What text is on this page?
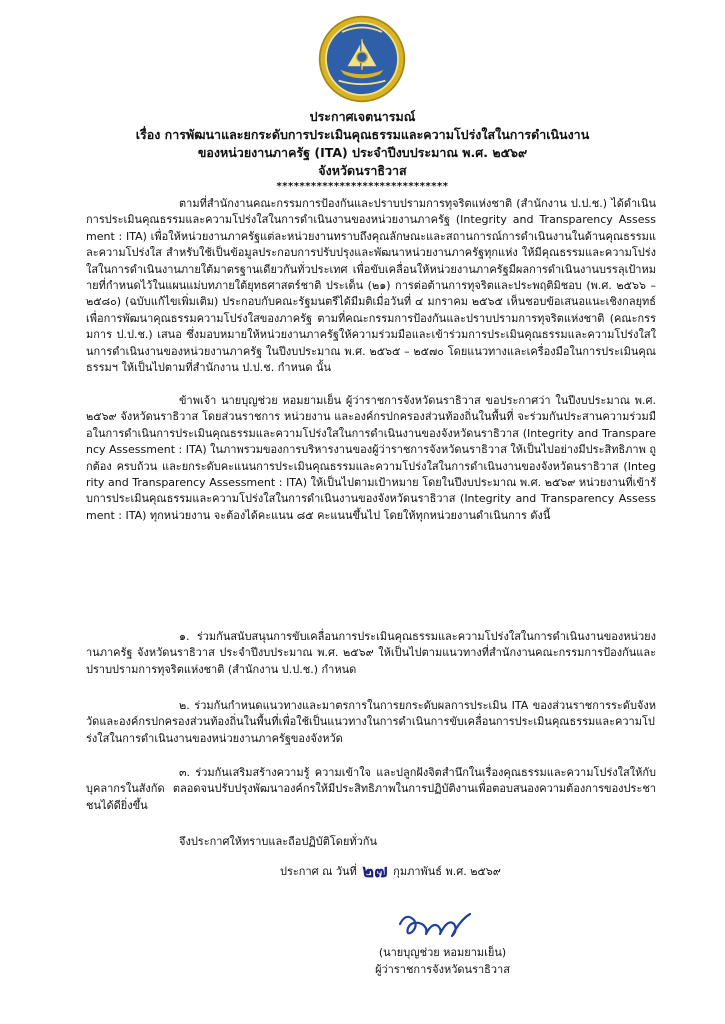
ประกาศเจตนารมณ์
เรื่อง การพัฒนาและยกระดับการประเมินคุณธรรมและความโปร่งใสในการดำเนินงาน
ของหน่วยงานภาครัฐ (ITA) ประจำปีงบประมาณ พ.ศ. ๒๕๖๙
จังหวัดนราธิวาส
******************************
ตามที่สำนักงานคณะกรรมการป้องกันและปราบปรามการทุจริตแห่งชาติ (สำนักงาน ป.ป.ช.) ได้ดำเนินการประเมินคุณธรรมและความโปร่งใสในการดำเนินงานของหน่วยงานภาครัฐ (Integrity and Transparency Assessment : ITA) เพื่อให้หน่วยงานภาครัฐแต่ละหน่วยงานทราบถึงคุณลักษณะและสถานการณ์การดำเนินงานในด้านคุณธรรมและความโปร่งใส สำหรับใช้เป็นข้อมูลประกอบการปรับปรุงและพัฒนาหน่วยงานภาครัฐทุกแห่ง ให้มีคุณธรรมและความโปร่งใสในการดำเนินงานภายใต้มาตรฐานเดียวกันทั่วประเทศ เพื่อขับเคลื่อนให้หน่วยงานภาครัฐมีผลการดำเนินงานบรรลุเป้าหมายที่กำหนดไว้ในแผนแม่บทภายใต้ยุทธศาสตร์ชาติ ประเด็น (๒๑) การต่อต้านการทุจริตและประพฤติมิชอบ (พ.ศ. ๒๕๖๖ – ๒๕๘๐) (ฉบับแก้ไขเพิ่มเติม) ประกอบกับคณะรัฐมนตรีได้มีมติเมื่อวันที่ ๔ มกราคม ๒๕๖๕ เห็นชอบข้อเสนอแนะเชิงกลยุทธ์เพื่อการพัฒนาคุณธรรมความโปร่งใสของภาครัฐ ตามที่คณะกรรมการป้องกันและปราบปรามการทุจริตแห่งชาติ (คณะกรรมการ ป.ป.ช.) เสนอ ซึ่งมอบหมายให้หน่วยงานภาครัฐให้ความร่วมมือและเข้าร่วมการประเมินคุณธรรมและความโปร่งใสในการดำเนินงานของหน่วยงานภาครัฐ ในปีงบประมาณ พ.ศ. ๒๕๖๕ – ๒๕๗๐ โดยแนวทางและเครื่องมือในการประเมินคุณธรรมฯ ให้เป็นไปตามที่สำนักงาน ป.ป.ช. กำหนด นั้น
ข้าพเจ้า นายบุญช่วย หอมยามเย็น ผู้ว่าราชการจังหวัดนราธิวาส ขอประกาศว่า ในปีงบประมาณ พ.ศ. ๒๕๖๙ จังหวัดนราธิวาส โดยส่วนราชการ หน่วยงาน และองค์กรปกครองส่วนท้องถิ่นในพื้นที่ จะร่วมกันประสานความร่วมมือในการดำเนินการประเมินคุณธรรมและความโปร่งใสในการดำเนินงานของจังหวัดนราธิวาส (Integrity and Transparency Assessment : ITA) ในภาพรวมของการบริหารงานของผู้ว่าราชการจังหวัดนราธิวาส ให้เป็นไปอย่างมีประสิทธิภาพ ถูกต้อง ครบถ้วน และยกระดับคะแนนการประเมินคุณธรรมและความโปร่งใสในการดำเนินงานของจังหวัดนราธิวาส (Integrity and Transparency Assessment : ITA) ให้เป็นไปตามเป้าหมาย โดยในปีงบประมาณ พ.ศ. ๒๕๖๙ หน่วยงานที่เข้ารับการประเมินคุณธรรมและความโปร่งใสในการดำเนินงานของจังหวัดนราธิวาส (Integrity and Transparency Assessment : ITA) ทุกหน่วยงาน จะต้องได้คะแนน ๘๕ คะแนนขึ้นไป โดยให้ทุกหน่วยงานดำเนินการ ดังนี้
๑. ร่วมกันสนับสนุนการขับเคลื่อนการประเมินคุณธรรมและความโปร่งใสในการดำเนินงานของหน่วยงานภาครัฐ จังหวัดนราธิวาส ประจำปีงบประมาณ พ.ศ. ๒๕๖๙ ให้เป็นไปตามแนวทางที่สำนักงานคณะกรรมการป้องกันและปราบปรามการทุจริตแห่งชาติ (สำนักงาน ป.ป.ช.) กำหนด
๒. ร่วมกันกำหนดแนวทางและมาตรการในการยกระดับผลการประเมิน ITA ของส่วนราชการระดับจังหวัดและองค์กรปกครองส่วนท้องถิ่นในพื้นที่เพื่อใช้เป็นแนวทางในการดำเนินการขับเคลื่อนการประเมินคุณธรรมและความโปร่งใสในการดำเนินงานของหน่วยงานภาครัฐของจังหวัด
๓. ร่วมกันเสริมสร้างความรู้ ความเข้าใจ และปลูกฝังจิตสำนึกในเรื่องคุณธรรมและความโปร่งใสให้กับบุคลากรในสังกัด ตลอดจนปรับปรุงพัฒนาองค์กรให้มีประสิทธิภาพในการปฏิบัติงานเพื่อตอบสนองความต้องการของประชาชนได้ดียิ่งขึ้น
จึงประกาศให้ทราบและถือปฏิบัติโดยทั่วกัน
ประกาศ ณ วันที่ ๒๗ กุมภาพันธ์ พ.ศ. ๒๕๖๙
(นายบุญช่วย หอมยามเย็น)
ผู้ว่าราชการจังหวัดนราธิวาส
